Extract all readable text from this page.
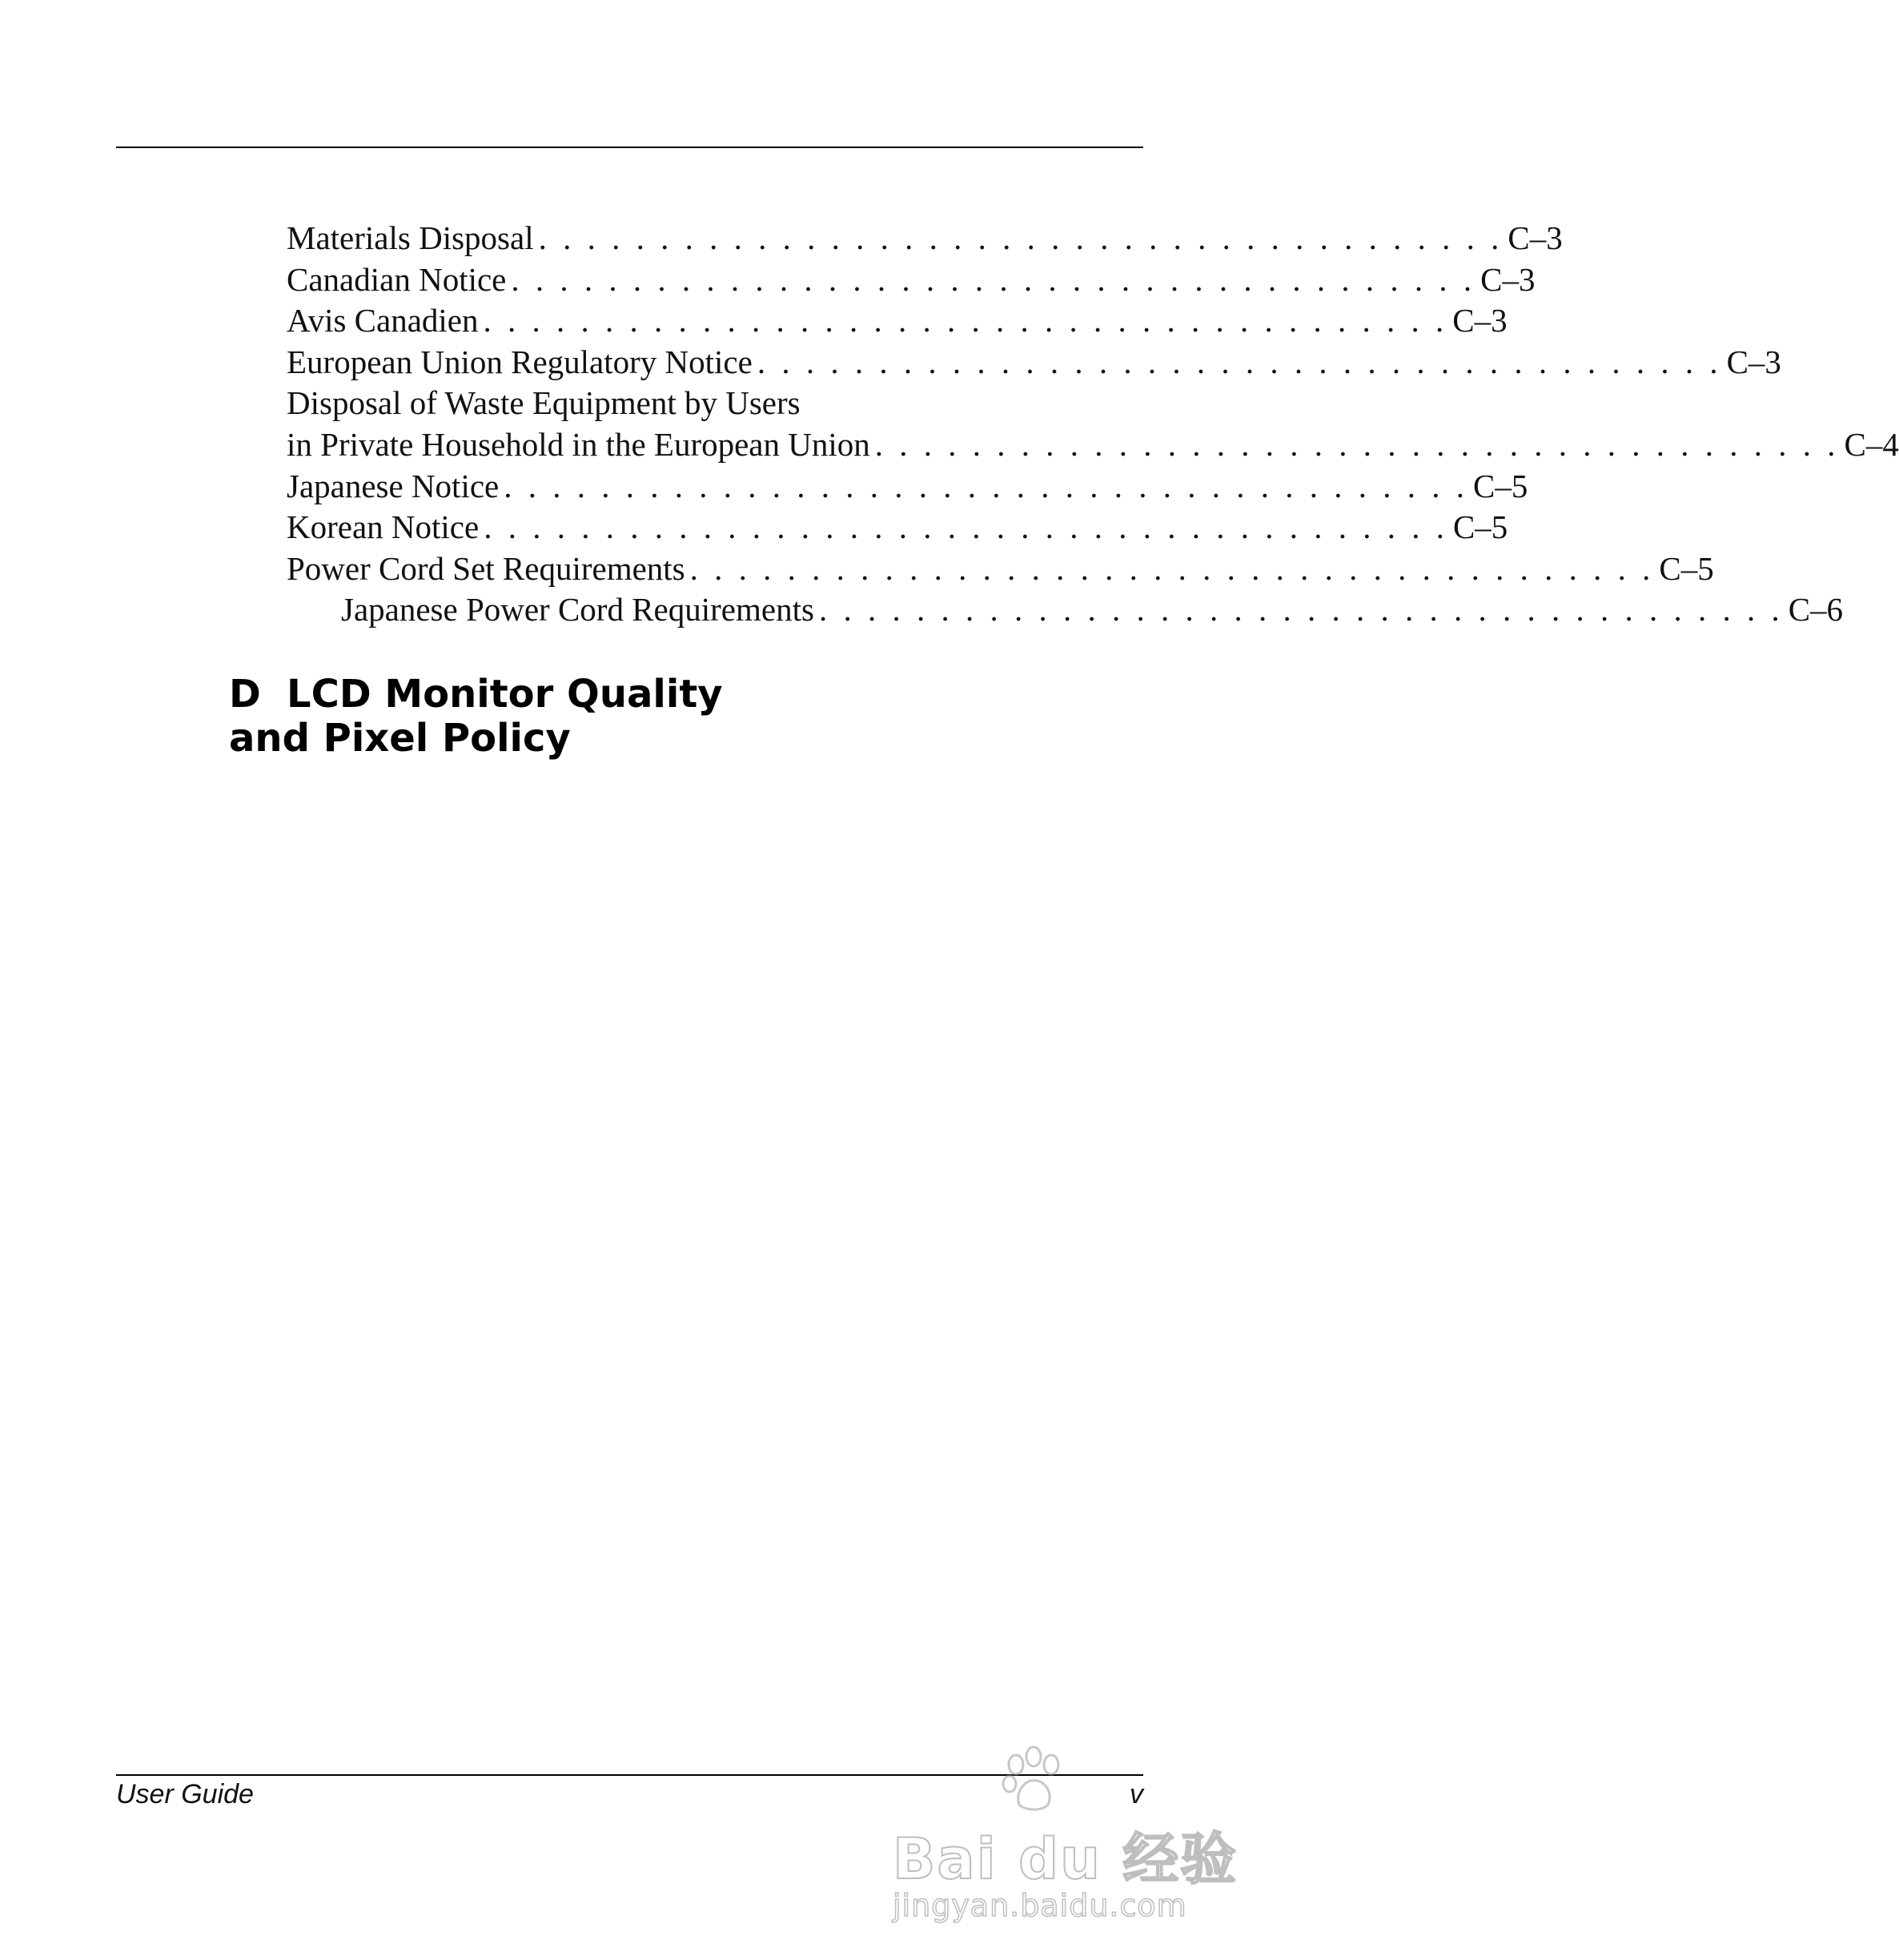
Materials Disposal . . . . . . . . . . . . . . . . . . . . . . . . . . . . . . . . . . . . . . . . C–3
Canadian Notice . . . . . . . . . . . . . . . . . . . . . . . . . . . . . . . . . . . . . . . . C–3
Avis Canadien . . . . . . . . . . . . . . . . . . . . . . . . . . . . . . . . . . . . . . . . C–3
European Union Regulatory Notice . . . . . . . . . . . . . . . . . . . . . . . . . . . . . . . . . . . . . . . . C–3
Disposal of Waste Equipment by Users
in Private Household in the European Union . . . . . . . . . . . . . . . . . . . . . . . . . . . . . . . . . . . . . . . . C–4
Japanese Notice . . . . . . . . . . . . . . . . . . . . . . . . . . . . . . . . . . . . . . . . C–5
Korean Notice . . . . . . . . . . . . . . . . . . . . . . . . . . . . . . . . . . . . . . . . C–5
Power Cord Set Requirements . . . . . . . . . . . . . . . . . . . . . . . . . . . . . . . . . . . . . . . . C–5
Japanese Power Cord Requirements . . . . . . . . . . . . . . . . . . . . . . . . . . . . . . . . . . . . . . . . C–6
D LCD Monitor Quality
and Pixel Policy
User Guide	v
Bai du 经验
jingyan.baidu.com
